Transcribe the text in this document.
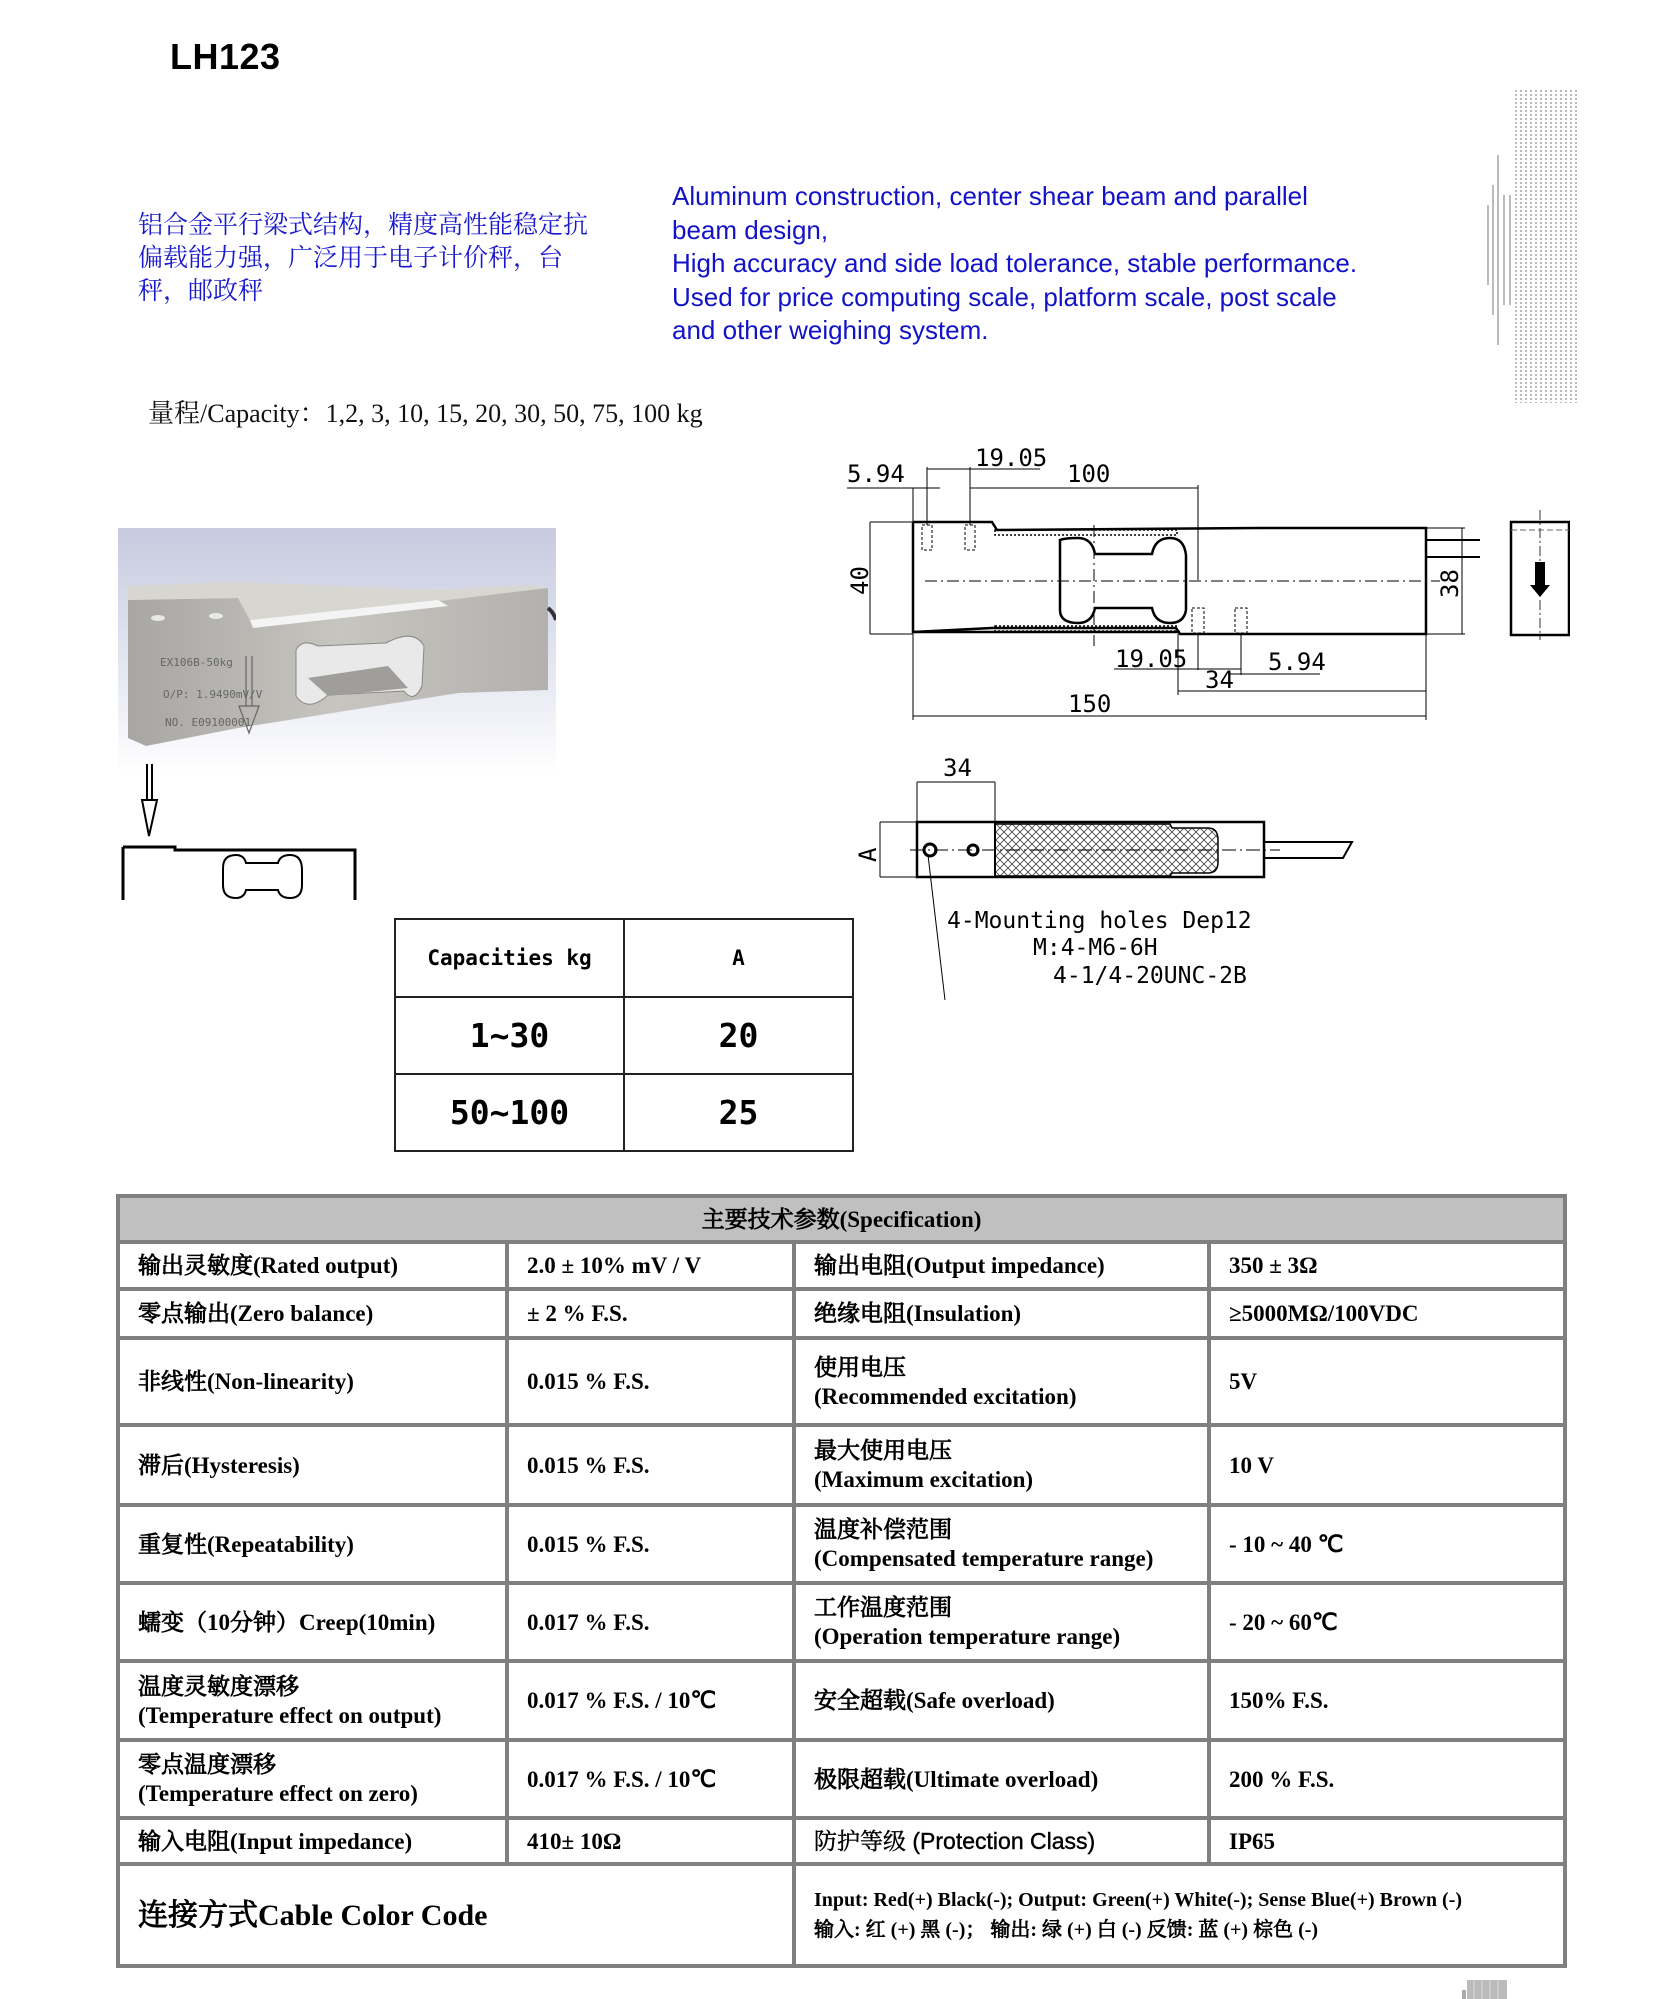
LH123
铝合金平行梁式结构，精度高性能稳定抗偏载能力强，广泛用于电子计价秤，台秤，邮政秤
Aluminum construction, center shear beam and parallel
beam design,
High accuracy and side load tolerance, stable performance.
Used for price computing scale, platform scale, post scale
and other weighing system.
EX106B-50kg
O/P: 1.9490mV/V
NO. E09100001
5.94
19.05
100
40	38
19.05
34
5.94
150
34
A
4-Mounting holes Dep12
M:4-M6-6H
4-1/4-20UNC-2B
Capacities kg	A
1~30	20
50~100	25
量程/Capacity：1,2, 3, 10, 15, 20, 30, 50, 75, 100 kg
主要技术参数(Specification)			

输出灵敏度(Rated output)	2.0 ± 10% mV / V	输出电阻(Output impedance)	350 ± 3Ω

零点输出(Zero balance)	± 2 % F.S.	绝缘电阻(Insulation)	≥5000MΩ/100VDC

非线性(Non-linearity)	0.015 % F.S.	使用电压
(Recommended excitation)	5V

滞后(Hysteresis)	0.015 % F.S.	最大使用电压
(Maximum excitation)	10 V

重复性(Repeatability)	0.015 % F.S.	温度补偿范围
(Compensated temperature range)	- 10 ~ 40 ℃

蠕变（10分钟）Creep(10min)	0.017 % F.S.	工作温度范围
(Operation temperature range)	- 20 ~ 60℃

温度灵敏度漂移
(Temperature effect on output)	0.017 % F.S. / 10℃	安全超载(Safe overload)	150% F.S.

零点温度漂移
(Temperature effect on zero)	0.017 % F.S. / 10℃	极限超载(Ultimate overload)	200 % F.S.

输入电阻(Input impedance)	410± 10Ω	防护等级 (Protection Class)	IP65

连接方式Cable Color Code		Input: Red(+) Black(-); Output: Green(+) White(-); Sense Blue(+) Brown (-)
输入: 红 (+) 黑 (-)； 输出: 绿 (+) 白 (-) 反馈: 蓝 (+) 棕色 (-)	
